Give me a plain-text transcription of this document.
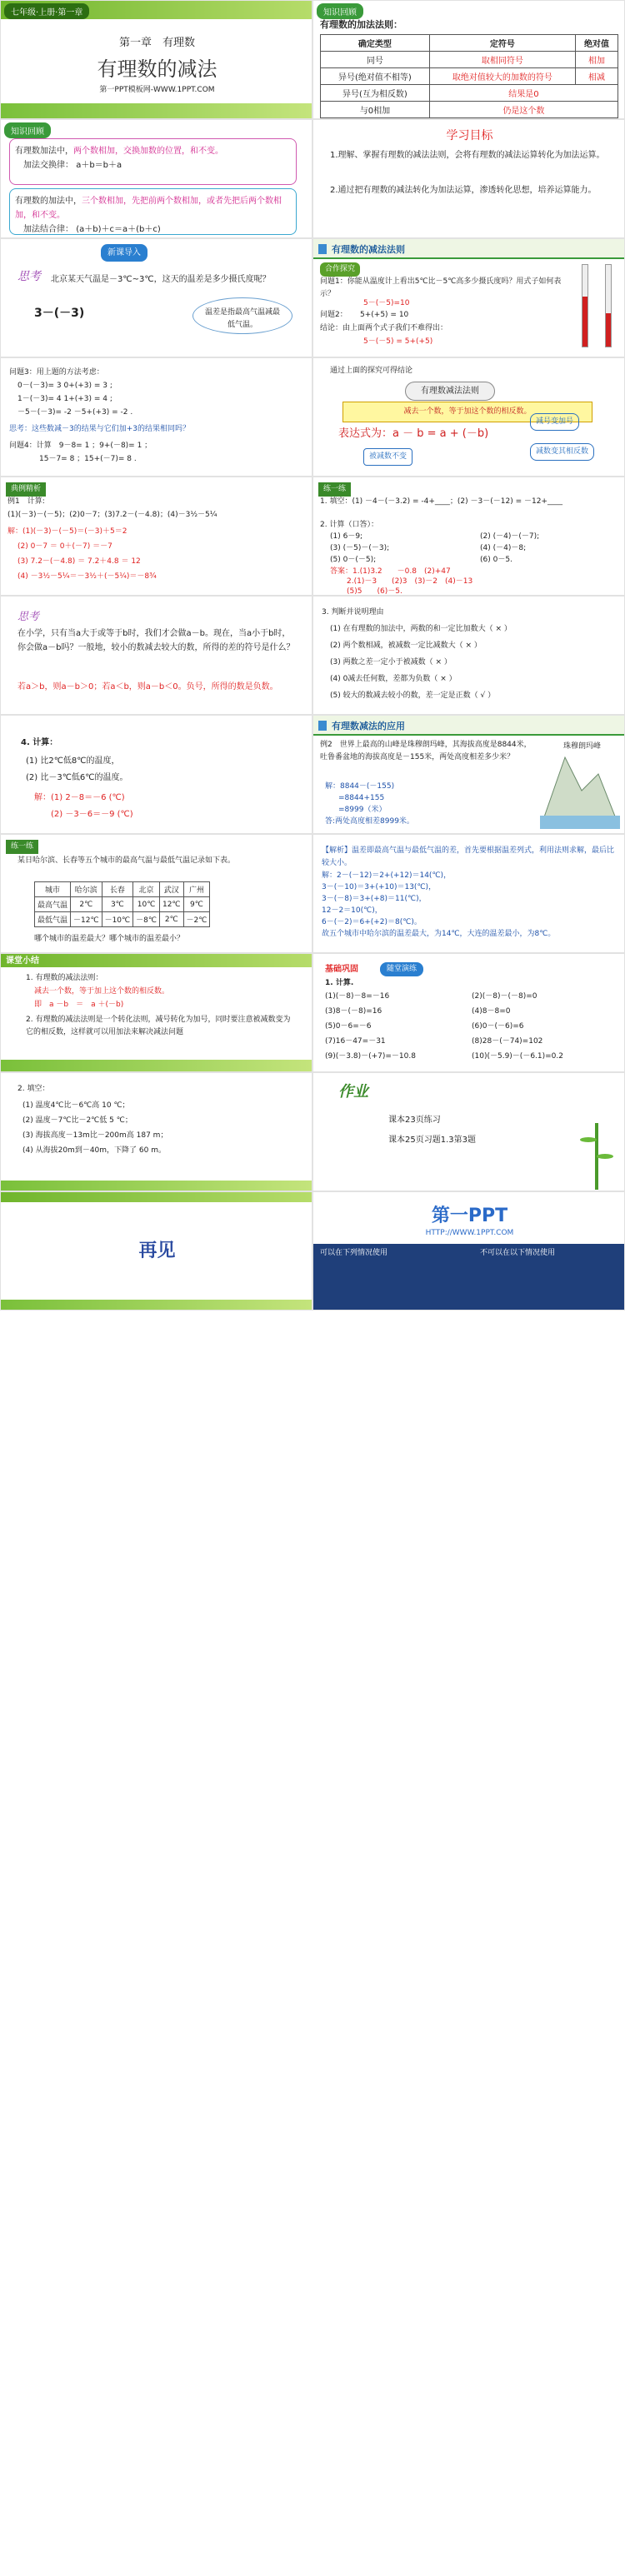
七年级·上册·第一章
第一章　有理数
有理数的减法
第一PPT模板网-WWW.1PPT.COM
知识回顾
有理数的加法法则：
确定类型	定符号	绝对值
同号	取相同符号	相加
异号(绝对值不相等)	取绝对值较大的加数的符号	相减
异号(互为相反数)	结果是0	
与0相加	仍是这个数	
知识回顾
有理数加法中，两个数相加，交换加数的位置，和不变。
　加法交换律： a＋b＝b＋a
有理数的加法中，三个数相加，先把前两个数相加，或者先把后两个数相加，和不变。
　加法结合律： (a＋b)＋c＝a＋(b＋c)
学习目标
1.理解、掌握有理数的减法法则，会将有理数的减法运算转化为加法运算。
2.通过把有理数的减法转化为加法运算，渗透转化思想，培养运算能力。
新课导入
思考 北京某天气温是－3℃~3℃，这天的温差是多少摄氏度呢？
3－(－3)	温差是指最高气温减最低气温。
有理数的减法法则
合作探究
问题1：你能从温度计上看出5℃比－5℃高多少摄氏度吗？用式子如何表示？
5－(－5)=10
问题2： 5+(+5) = 10
结论：由上面两个式子我们不难得出：
5－(－5) = 5+(+5)
问题3：用上题的方法考虑：
0－(－3)= 3 0+(+3) = 3 ;
1－(－3)= 4 1+(+3) = 4 ;
－5－(－3)= -2 －5+(+3) = -2 .
思考：这些数减－3的结果与它们加+3的结果相同吗？
问题4：计算　9－8= 1 ；9+(－8)= 1 ；
15－7= 8 ；15+(－7)= 8 .
通过上面的探究可得结论
有理数减法法则
减去一个数，等于加这个数的相反数。
表达式为：a － b = a + (－b)
减号变加号
被减数不变
减数变其相反数
典例精析
例1　计算:
(1)(－3)－(－5)；(2)0－7；(3)7.2－(－4.8)；(4)－3½－5¼
解：(1)(－3)－(－5)＝(－3)＋5＝2
(2) 0－7 ＝ 0＋(－7) ＝－7
(3) 7.2－(－4.8) ＝ 7.2＋4.8 ＝ 12
(4) －3½－5¼＝－3½＋(－5¼)＝－8¾
练一练
1. 填空：(1) －4－(－3.2) = -4+____；(2) －3－(－12) = －12+____
2. 计算（口答）：
(1) 6－9;	(2) (－4)－(－7);
(3) (－5)－(－3);	(4) (－4)－8;
(5) 0－(－5);	(6) 0－5.
答案：1.(1)3.2　　－0.8　(2)+47
2.(1)－3　　(2)3　(3)－2　(4)－13
(5)5　　(6)－5.
思考
在小学，只有当a大于或等于b时，我们才会做a－b。现在，当a小于b时，你会做a－b吗？一般地，较小的数减去较大的数，所得的差的符号是什么？
若a＞b，则a－b＞0；若a＜b，则a－b＜0。负号，所得的数是负数。
3. 判断并说明理由
(1) 在有理数的加法中，两数的和一定比加数大（ × ）
(2) 两个数相减，被减数一定比减数大（ × ）
(3) 两数之差一定小于被减数（ × ）
(4) 0减去任何数，差都为负数（ × ）
(5) 较大的数减去较小的数，差一定是正数（ √ ）
4. 计算：
(1) 比2℃低8℃的温度，
(2) 比－3℃低6℃的温度。
解：(1) 2－8＝－6 (℃)
(2) －3－6＝－9 (℃)
有理数减法的应用
例2　世界上最高的山峰是珠穆朗玛峰，其海拔高度是8844米，吐鲁番盆地的海拔高度是－155米，两处高度相差多少米？
解：8844－(－155)
=8844+155
=8999（米）
答:两处高度相差8999米。
珠穆朗玛峰
练一练
某日哈尔滨、长春等五个城市的最高气温与最低气温记录如下表。
城市	哈尔滨	长春	北京	武汉	广州
最高气温	2℃	3℃	10℃	12℃	9℃
最低气温	－12℃	－10℃	－8℃	2℃	－2℃
哪个城市的温差最大？哪个城市的温差最小？
【解析】温差即最高气温与最低气温的差，首先要根据温差列式，利用法则求解，最后比较大小。
解：2－(－12)＝2+(+12)＝14(℃)，
3－(－10)＝3+(+10)＝13(℃)，
3－(－8)＝3+(+8)＝11(℃)，
12－2＝10(℃)，
6－(－2)＝6+(+2)＝8(℃)。
故五个城市中哈尔滨的温差最大，为14℃，大连的温差最小，为8℃。
课堂小结
1. 有理数的减法法则：
减去一个数，等于加上这个数的相反数。
即　a －b　＝　a ＋(－b)
2. 有理数的减法法则是一个转化法则，减号转化为加号，同时要注意被减数变为它的相反数，这样就可以用加法来解决减法问题
基础巩固	随堂演练
1. 计算.
(1)(－8)－8=－16	(2)(－8)－(－8)=0
(3)8－(－8)=16	(4)8－8=0
(5)0－6=－6	(6)0－(－6)=6
(7)16－47=－31	(8)28－(－74)=102
(9)(－3.8)－(+7)=－10.8	(10)(－5.9)－(－6.1)=0.2
2. 填空：
(1) 温度4℃比－6℃高 10 ℃；
(2) 温度－7℃比－2℃低 5 ℃；
(3) 海拔高度－13m比－200m高 187 m；
(4) 从海拔20m到－40m，下降了 60 m。
作业
课本23页练习
课本25页习题1.3第3题
再见
第一PPT
HTTP://WWW.1PPT.COM
可以在下列情况使用	不可以在以下情况使用
